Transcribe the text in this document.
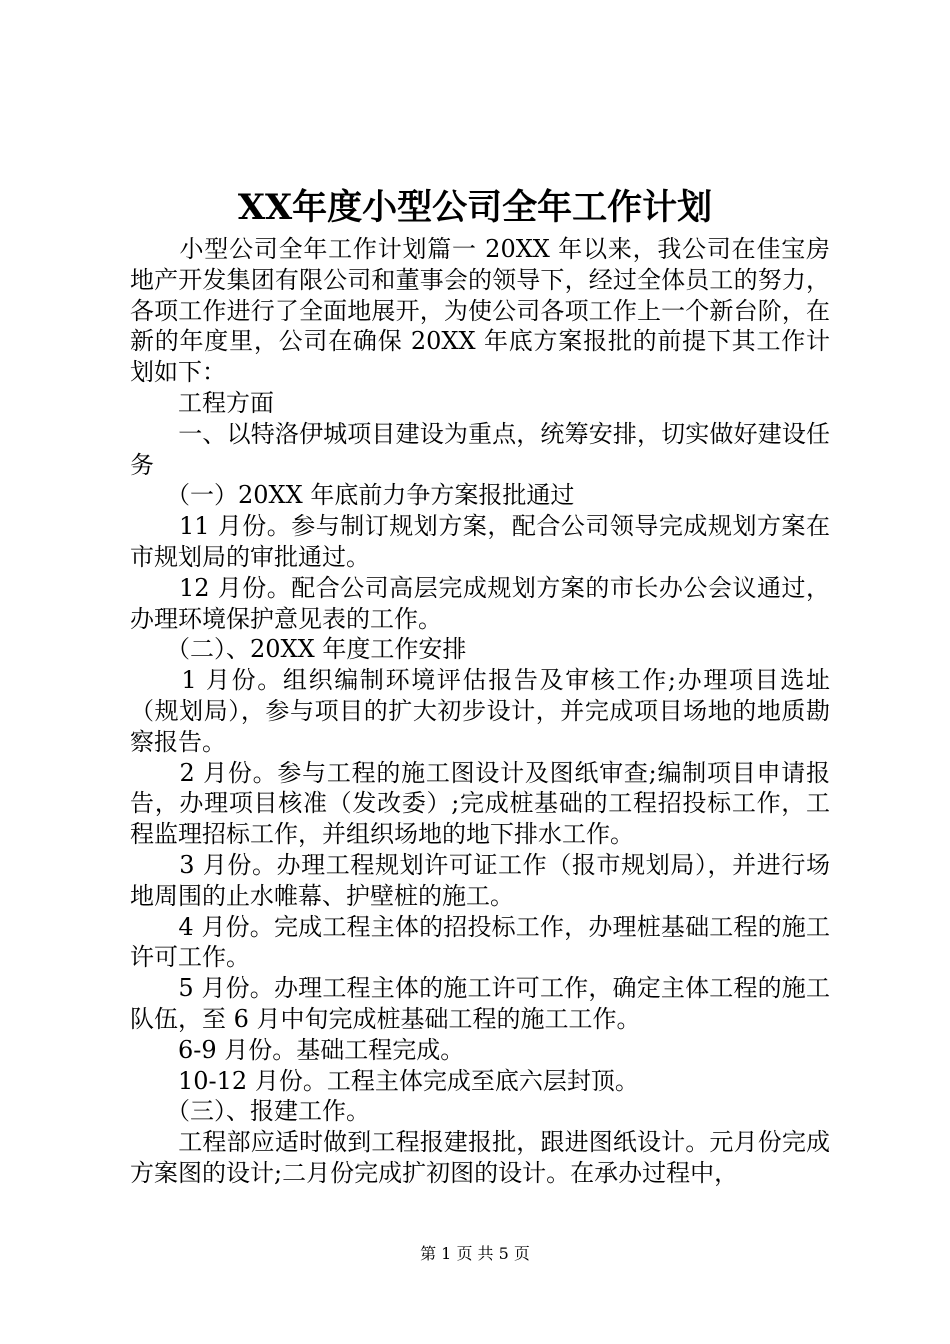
XX年度小型公司全年工作计划

　　小型公司全年工作计划篇一 20XX 年以来，我公司在佳宝房地产开发集团有限公司和董事会的领导下，经过全体员工的努力，各项工作进行了全面地展开，为使公司各项工作上一个新台阶，在新的年度里，公司在确保 20XX 年底方案报批的前提下其工作计划如下：

　　工程方面

　　一、以特洛伊城项目建设为重点，统筹安排，切实做好建设任务

　　（一）20XX 年底前力争方案报批通过

　　11 月份。参与制订规划方案，配合公司领导完成规划方案在市规划局的审批通过。

　　12 月份。配合公司高层完成规划方案的市长办公会议通过，办理环境保护意见表的工作。

　　（二）、20XX 年度工作安排

　　1 月份。组织编制环境评估报告及审核工作;办理项目选址（规划局），参与项目的扩大初步设计，并完成项目场地的地质勘察报告。

　　2 月份。参与工程的施工图设计及图纸审查;编制项目申请报告，办理项目核准（发改委）;完成桩基础的工程招投标工作，工程监理招标工作，并组织场地的地下排水工作。

　　3 月份。办理工程规划许可证工作（报市规划局），并进行场地周围的止水帷幕、护壁桩的施工。

　　4 月份。完成工程主体的招投标工作，办理桩基础工程的施工许可工作。

　　5 月份。办理工程主体的施工许可工作，确定主体工程的施工队伍，至 6 月中旬完成桩基础工程的施工工作。

　　6-9 月份。基础工程完成。

　　10-12 月份。工程主体完成至底六层封顶。

　　（三）、报建工作。

　　工程部应适时做到工程报建报批，跟进图纸设计。元月份完成方案图的设计;二月份完成扩初图的设计。在承办过程中，

第 1 页 共 5 页
